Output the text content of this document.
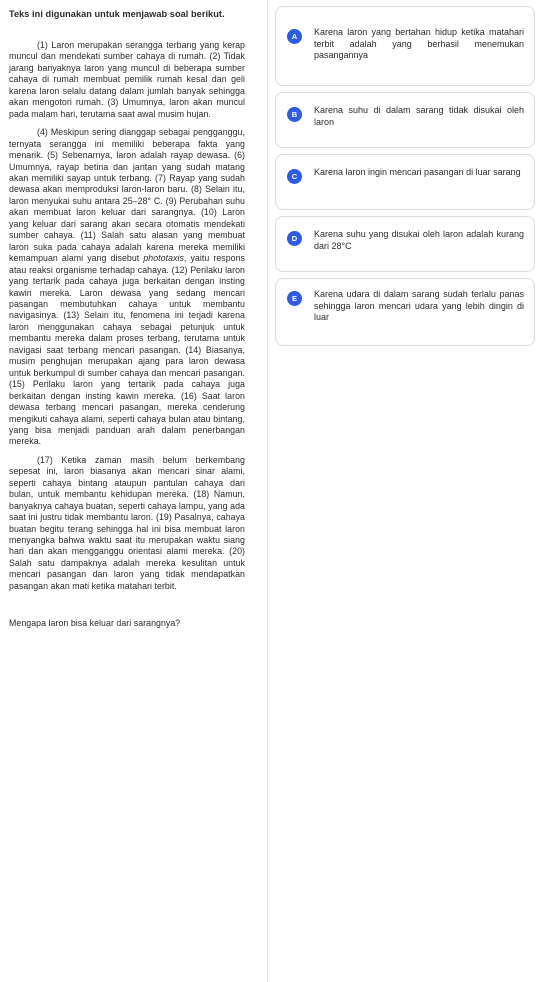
Teks ini digunakan untuk menjawab soal berikut.

(1) Laron merupakan serangga terbang yang kerap muncul dan mendekati sumber cahaya di rumah. (2) Tidak jarang banyaknya laron yang muncul di beberapa sumber cahaya di rumah membuat pemilik rumah kesal dan geli karena laron selalu datang dalam jumlah banyak sehingga akan mengotori rumah. (3) Umumnya, laron akan muncul pada malam hari, terutama saat awal musim hujan.

(4) Meskipun sering dianggap sebagai pengganggu, ternyata serangga ini memiliki beberapa fakta yang menarik. (5) Sebenarnya, laron adalah rayap dewasa. (6) Umumnya, rayap betina dan jantan yang sudah matang akan memiliki sayap untuk terbang. (7) Rayap yang sudah dewasa akan memproduksi laron-laron baru. (8) Selain itu, laron menyukai suhu antara 25–28° C. (9) Perubahan suhu akan membuat laron keluar dari sarangnya. (10) Laron yang keluar dari sarang akan secara otomatis mendekati sumber cahaya. (11) Salah satu alasan yang membuat laron suka pada cahaya adalah karena mereka memiliki kemampuan alami yang disebut phototaxis, yaitu respons atau reaksi organisme terhadap cahaya. (12) Perilaku laron yang tertarik pada cahaya juga berkaitan dengan insting kawin mereka. Laron dewasa yang sedang mencari pasangan membutuhkan cahaya untuk membantu navigasinya. (13) Selain itu, fenomena ini terjadi karena laron menggunakan cahaya sebagai petunjuk untuk membantu mereka dalam proses terbang, terutama untuk navigasi saat terbang mencari pasangan. (14) Biasanya, musim penghujan merupakan ajang para laron dewasa untuk berkumpul di sumber cahaya dan mencari pasangan. (15) Perilaku laron yang tertarik pada cahaya juga berkaitan dengan insting kawin mereka. (16) Saat laron dewasa terbang mencari pasangan, mereka cenderung mengikuti cahaya alami, seperti cahaya bulan atau bintang, yang bisa menjadi panduan arah dalam penerbangan mereka.

(17) Ketika zaman masih belum berkembang sepesat ini, laron biasanya akan mencari sinar alami, seperti cahaya bintang ataupun pantulan cahaya dari bulan, untuk membantu kehidupan mereka. (18) Namun, banyaknya cahaya buatan, seperti cahaya lampu, yang ada saat ini justru tidak membantu laron. (19) Pasalnya, cahaya buatan begitu terang sehingga hal ini bisa membuat laron menyangka bahwa waktu saat itu merupakan waktu siang hari dan akan mengganggu orientasi alami mereka. (20) Salah satu dampaknya adalah mereka kesulitan untuk mencari pasangan dan laron yang tidak mendapatkan pasangan akan mati ketika matahari terbit.

Mengapa laron bisa keluar dari sarangnya?

A	Karena laron yang bertahan hidup ketika matahari terbit adalah yang berhasil menemukan pasangannya
B	Karena suhu di dalam sarang tidak disukai oleh laron
C	Karena laron ingin mencari pasangan di luar sarang
D	Karena suhu yang disukai oleh laron adalah kurang dari 28°C
E	Karena udara di dalam sarang sudah terlalu panas sehingga laron mencari udara yang lebih dingin di luar
